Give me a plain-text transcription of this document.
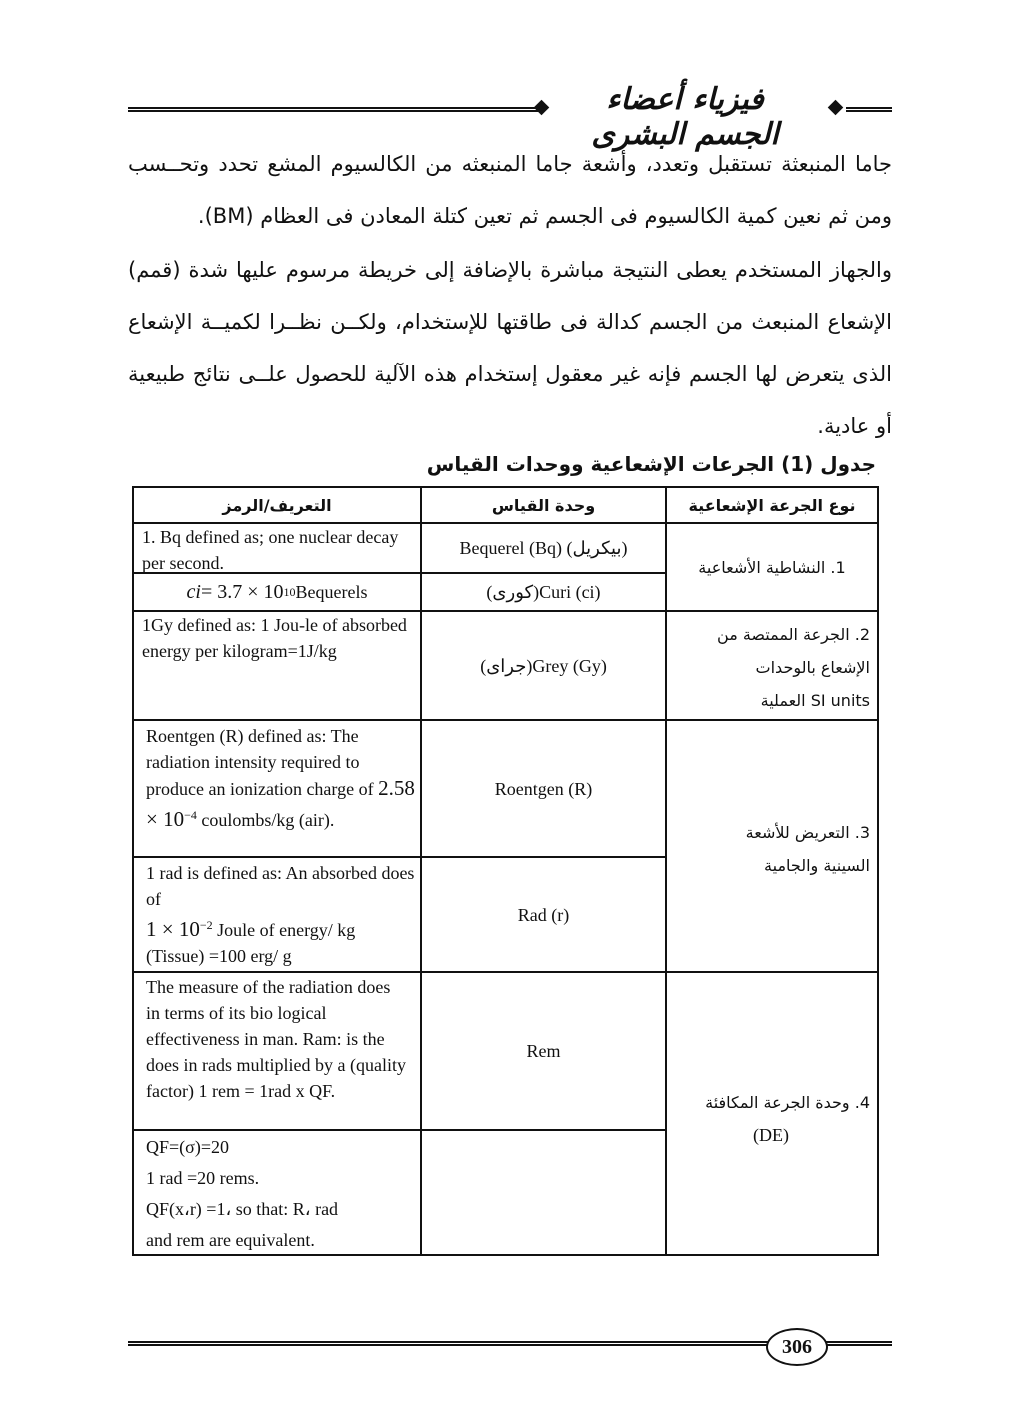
فيزياء أعضاء الجسم البشرى
جاما المنبعثة تستقبل وتعدد، وأشعة جاما المنبعثه من الكالسيوم المشع تحدد وتحــسب ومن ثم نعين كمية الكالسيوم فى الجسم ثم تعين كتلة المعادن فى العظام (BM).
والجهاز المستخدم يعطى النتيجة مباشرة بالإضافة إلى خريطة مرسوم عليها شدة (قمم) الإشعاع المنبعث من الجسم كدالة فى طاقتها للإستخدام، ولكــن نظــرا لكميــة الإشعاع الذى يتعرض لها الجسم فإنه غير معقول إستخدام هذه الآلية للحصول علــى نتائج طبيعية أو عادية.
جدول (1) الجرعات الإشعاعية ووحدات القياس
التعريف/الرمز	وحدة القياس	نوع الجرعة الإشعاعية
1. النشاطية الأشعاعية
Bequerel (Bq) (بيكريل)
1. Bq defined as; one nuclear decay per second.
(كورى)Curi (ci)
ci = 3.7 × 10 10 Bequerels
2. الجرعة الممتصة من
الإشعاع بالوحدات
SI units العملية
(جراى)Grey (Gy)
1Gy defined as: 1 Jou-le of absorbed energy per kilogram=1J/kg
3. التعريض للأشعة
السينية والجامية
Roentgen (R)
Roentgen (R) defined as: The radiation intensity required to produce an ionization charge of $2.58 \times 10^{-4}$ coulombs/kg (air).
Rad (r)
1 rad is defined as: An absorbed does of
$1 \times 10^{-2}$ Joule of energy/ kg (Tissue) =100 erg/ g
4. وحدة الجرعة المكافئة
(DE)
Rem
The measure of the radiation does in terms of its bio logical effectiveness in man. Ram: is the does in rads multiplied by a (quality factor) 1 rem = 1rad x QF.
QF=(σ)=20
1 rad =20 rems.
QF(x،r) =1، so that: R، rad
and rem are equivalent.
306
